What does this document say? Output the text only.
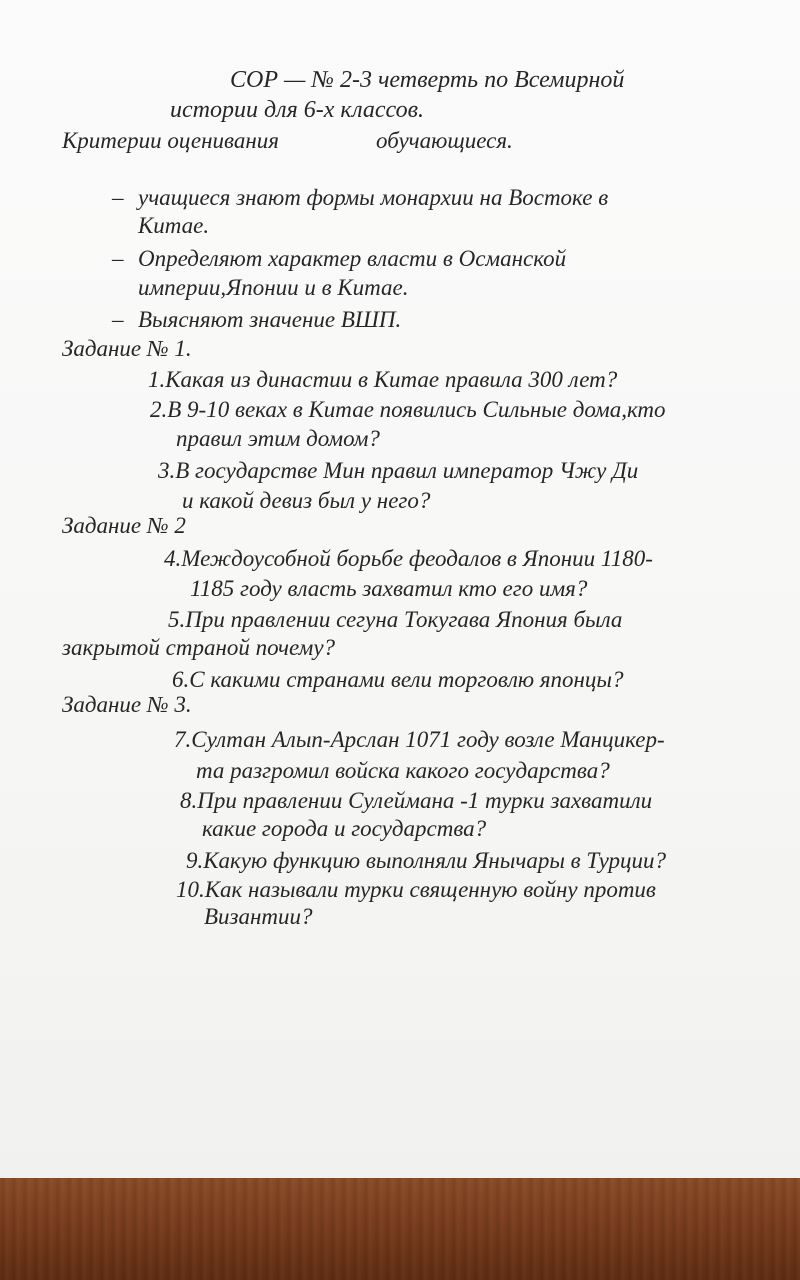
СОР — № 2-3 четверть по Всемирной

истории для 6-х классов.

Критерии оценивания	обучающиеся.

– учащиеся знают формы монархии на Востоке в

Китае.

– Определяют характер власти в Османской

империи,Японии и в Китае.

– Выясняют значение ВШП.

Задание № 1.

1.Какая из династии в Китае правила 300 лет?

2.В 9-10 веках в Китае появились Сильные дома,кто

правил этим домом?

3.В государстве Мин правил император Чжу Ди

и какой девиз был у него?

Задание № 2

4.Междоусобной борьбе феодалов в Японии 1180-

1185 году власть захватил кто его имя?

5.При правлении сегуна Токугава Япония была

закрытой страной почему?

6.С какими странами вели торговлю японцы?

Задание № 3.

7.Султан Алып-Арслан 1071 году возле Манцикер-

та разгромил войска какого государства?

8.При правлении Сулеймана -1 турки захватили

какие города и государства?

9.Какую функцию выполняли Янычары в Турции?

10.Как называли турки священную войну против

Византии?
